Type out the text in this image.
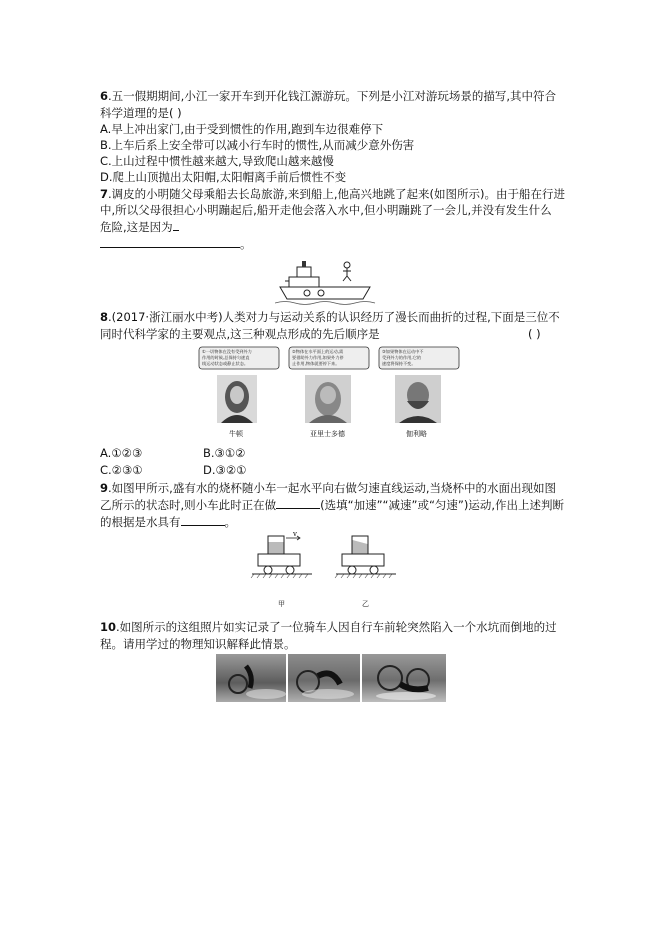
6.五一假期期间,小江一家开车到开化钱江源游玩。下列是小江对游玩场景的描写,其中符合
科学道理的是( )
A.早上冲出家门,由于受到惯性的作用,跑到车边很难停下
B.上车后系上安全带可以减小行车时的惯性,从而减少意外伤害
C.上山过程中惯性越来越大,导致爬山越来越慢
D.爬上山顶抛出太阳帽,太阳帽离手前后惯性不变
7.调皮的小明随父母乘船去长岛旅游,来到船上,他高兴地跳了起来(如图所示)。由于船在行进
中,所以父母很担心小明蹦起后,船开走他会落入水中,但小明蹦跳了一会儿,并没有发生什么
危险,这是因为
。
8.(2017·浙江丽水中考)人类对力与运动关系的认识经历了漫长而曲折的过程,下面是三位不
同时代科学家的主要观点,这三种观点形成的先后顺序是	( )
①一切物体在没有受到外力
作用的时候,总保持匀速直
线运动状态或静止状态。
②物体在水平面上的运动,需
要借助外力作用,如果外力停
止作用,物体就要停下来。
③如果物体在运动中不
受到外力的作用,它的
速度将保持不变。
牛顿	亚里士多德	伽利略
A.①②③	B.③①②
C.②③①	D.③②①
9.如图甲所示,盛有水的烧杯随小车一起水平向右做匀速直线运动,当烧杯中的水面出现如图
乙所示的状态时,则小车此时正在做	(选填“加速”“减速”或“匀速”)运动,作出上述判断
的根据是水具有	。
v
甲	乙
10.如图所示的这组照片如实记录了一位骑车人因自行车前轮突然陷入一个水坑而倒地的过
程。请用学过的物理知识解释此情景。
